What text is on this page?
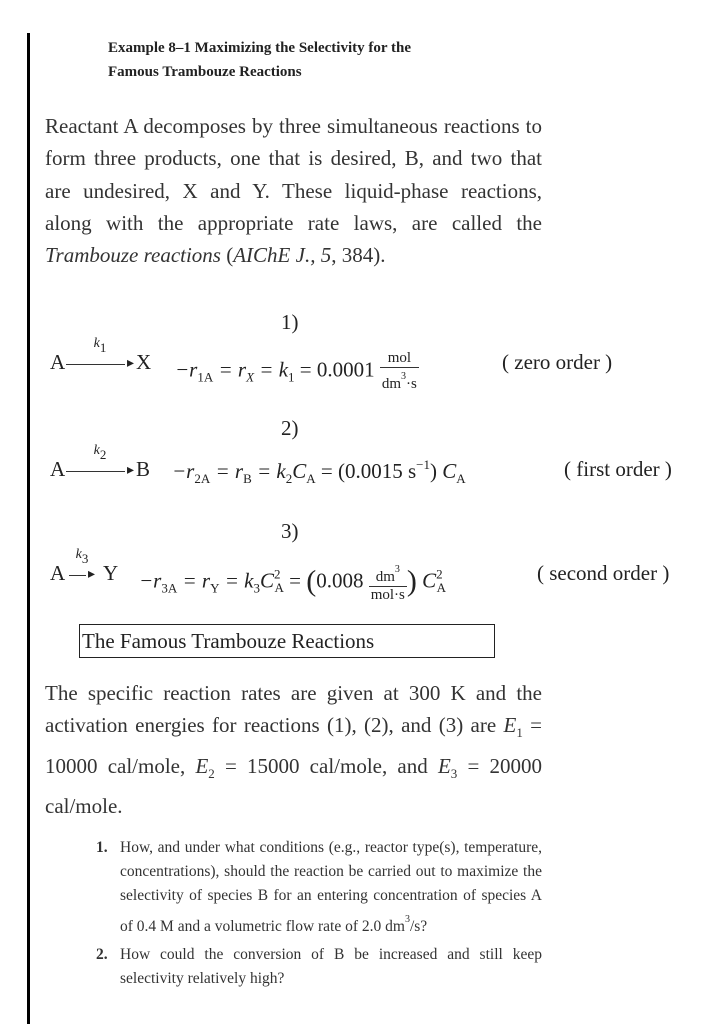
Example 8–1 Maximizing the Selectivity for the
Famous Trambouze Reactions
Reactant A decomposes by three simultaneous reactions to form three products, one that is desired, B, and two that are undesired, X and Y. These liquid-phase reactions, along with the appropriate rate laws, are called the Trambouze reactions (AIChE J., 5, 384).
1)
A
k1
▸ $X -r_{1A} = r_X = k_1 = 0.0001 \frac{\text{mol}}{dm^3\cdot s}$	( zero order )
2)
A
k2
▸ $B -r_{2A} = r_B = k_2C_A = (0.0015$ $s^{-1}$) $C_A$	( first order )
3)
A
k3
▸ $Y -r_{3A} = r_Y = k_3C^2_A = (0.008 \frac{dm^3}{\text{mol·s}}$ ) $C^2_A$
( second order )
The Famous Trambouze Reactions
The specific reaction rates are given at 300 K and the activation energies for reactions (1), (2), and (3) are $E_1 = 10000$ cal/mole, $E_2 = 15000$ cal/mole, and $E_3 = 20000$ cal/mole.
1. How, and under what conditions (e.g., reactor type(s), temperature, concentrations), should the reaction be carried out to maximize the selectivity of species B for an entering concentration of species A of 0.4 M and a volumetric flow rate of 2.0 $dm^3/s$?
2. How could the conversion of B be increased and still keep selectivity relatively high?
